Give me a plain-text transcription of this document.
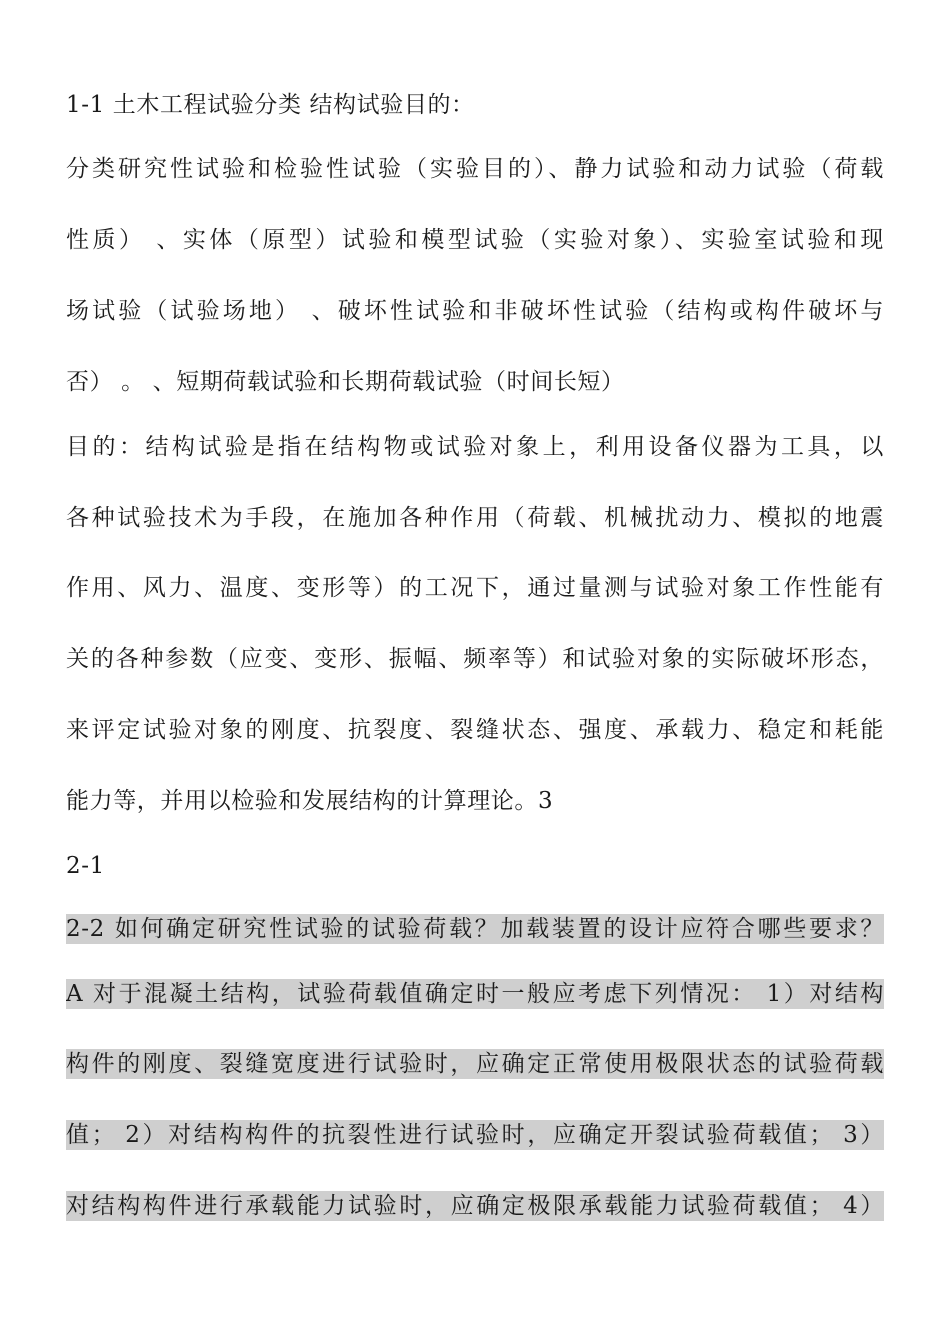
1-1 土木工程试验分类 结构试验目的：
分类研究性试验和检验性试验（实验目的）、静力试验和动力试验（荷载
性质） 、实体（原型）试验和模型试验（实验对象）、实验室试验和现
场试验（试验场地） 、破坏性试验和非破坏性试验（结构或构件破坏与
否） 。 、短期荷载试验和长期荷载试验（时间长短）
目的：结构试验是指在结构物或试验对象上，利用设备仪器为工具，以
各种试验技术为手段，在施加各种作用（荷载、机械扰动力、模拟的地震
作用、风力、温度、变形等）的工况下，通过量测与试验对象工作性能有
关的各种参数（应变、变形、振幅、频率等）和试验对象的实际破坏形态，
来评定试验对象的刚度、抗裂度、裂缝状态、强度、承载力、稳定和耗能
能力等，并用以检验和发展结构的计算理论。3
2-1
2-2 如何确定研究性试验的试验荷载？加载装置的设计应符合哪些要求？
A 对于混凝土结构，试验荷载值确定时一般应考虑下列情况： 1）对结构
构件的刚度、裂缝宽度进行试验时，应确定正常使用极限状态的试验荷载
值； 2）对结构构件的抗裂性进行试验时，应确定开裂试验荷载值； 3）
对结构构件进行承载能力试验时，应确定极限承载能力试验荷载值； 4）
